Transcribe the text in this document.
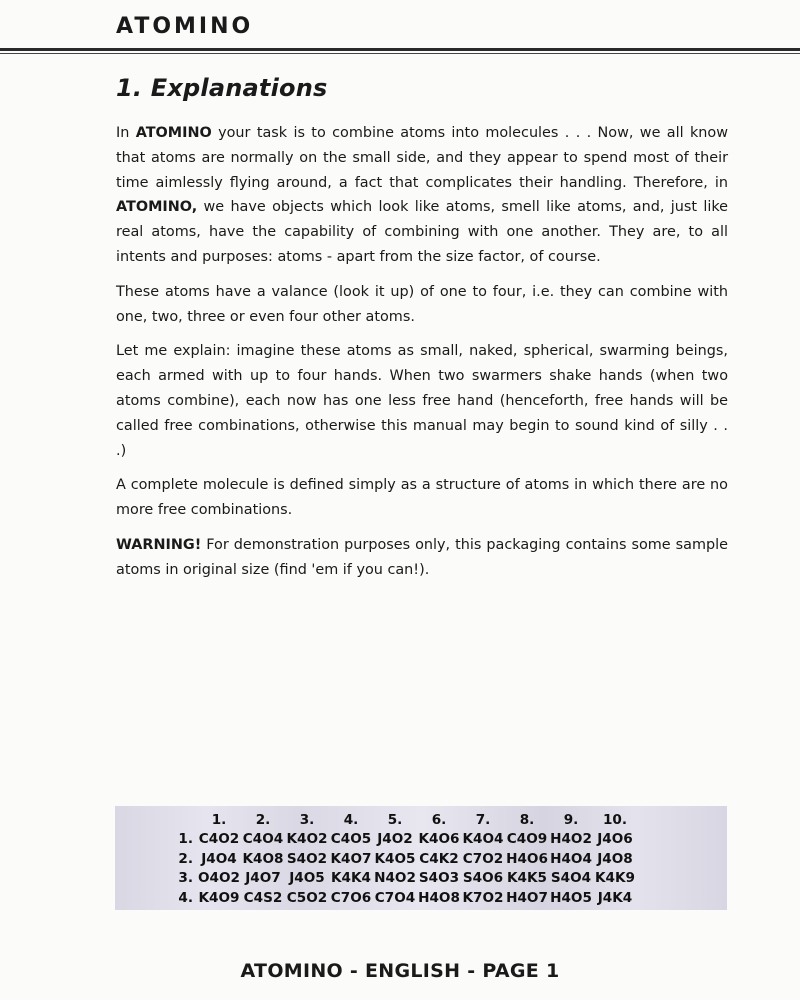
ATOMINO
1. Explanations

In ATOMINO your task is to combine atoms into molecules . . . Now, we all know that atoms are normally on the small side, and they appear to spend most of their time aimlessly flying around, a fact that complicates their handling. Therefore, in ATOMINO, we have objects which look like atoms, smell like atoms, and, just like real atoms, have the capability of combining with one another. They are, to all intents and purposes: atoms - apart from the size factor, of course.

These atoms have a valance (look it up) of one to four, i.e. they can combine with one, two, three or even four other atoms.

Let me explain: imagine these atoms as small, naked, spherical, swarming beings, each armed with up to four hands. When two swarmers shake hands (when two atoms combine), each now has one less free hand (henceforth, free hands will be called free combinations, otherwise this manual may begin to sound kind of silly . . .)

A complete molecule is defined simply as a structure of atoms in which there are no more free combinations.

WARNING! For demonstration purposes only, this packaging contains some sample atoms in original size (find 'em if you can!).

	1.	2.	3.	4.	5.	6.	7.	8.	9.	10.
1.	C4O2	C4O4	K4O2	C4O5	J4O2	K4O6	K4O4	C4O9	H4O2	J4O6
2.	J4O4	K4O8	S4O2	K4O7	K4O5	C4K2	C7O2	H4O6	H4O4	J4O8
3.	O4O2	J4O7	J4O5	K4K4	N4O2	S4O3	S4O6	K4K5	S4O4	K4K9
4.	K4O9	C4S2	C5O2	C7O6	C7O4	H4O8	K7O2	H4O7	H4O5	J4K4
ATOMINO - ENGLISH - PAGE 1
